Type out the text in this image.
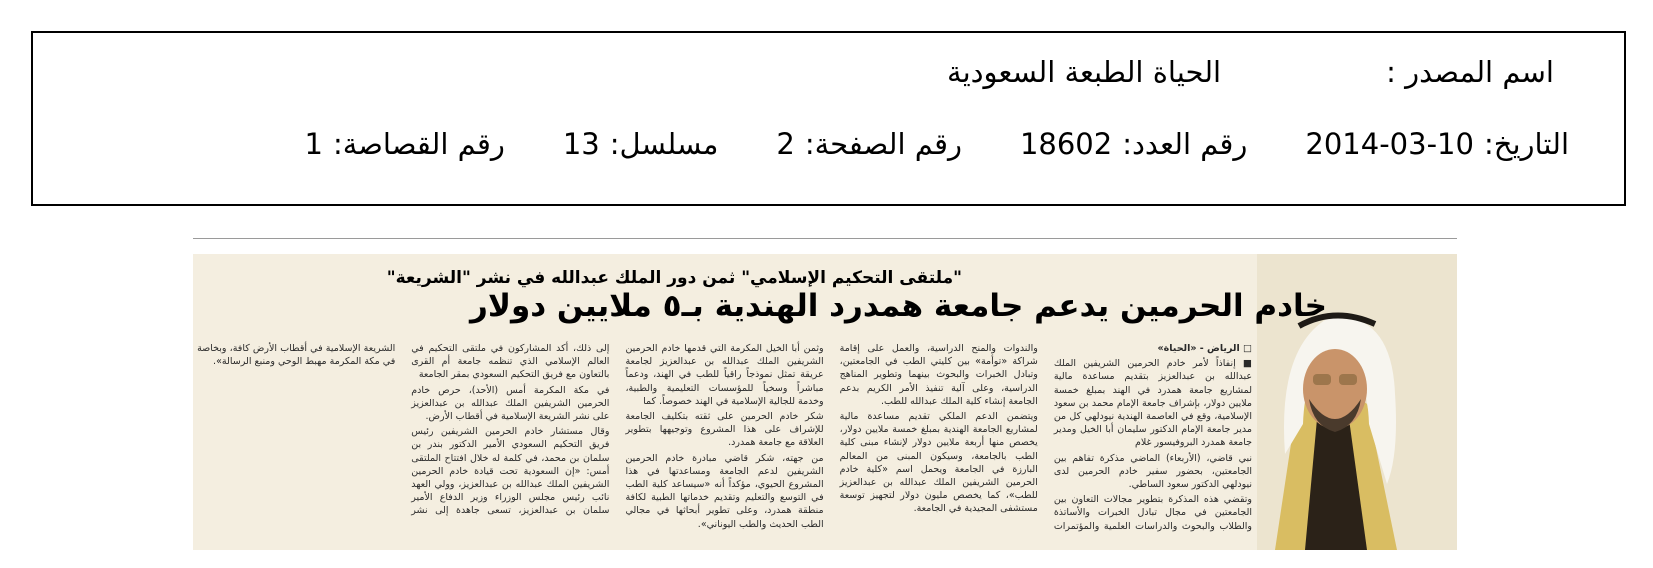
اسم المصدر :
الحياة الطبعة السعودية
التاريخ:
2014-03-10
رقم العدد:
18602
رقم الصفحة:
2
مسلسل:
13
رقم القصاصة:
1
"ملتقى التحكيم الإسلامي" ثمن دور الملك عبدالله في نشر "الشريعة"
خادم الحرمين يدعم جامعة همدرد الهندية بـ٥ ملايين دولار

□ الرياض - «الحياة»

■ إنفاذاً لأمر خادم الحرمين الشريفين الملك عبدالله بن عبدالعزيز بتقديم مساعدة مالية لمشاريع جامعة همدرد في الهند بمبلغ خمسة ملايين دولار، بإشراف جامعة الإمام محمد بن سعود الإسلامية، وقع في العاصمة الهندية نيودلهي كل من مدير جامعة الإمام الدكتور سليمان أبا الخيل ومدير جامعة همدرد البروفيسور غلام

نبي قاضي، (الأربعاء) الماضي مذكرة تفاهم بين الجامعتين، بحضور سفير خادم الحرمين لدى نيودلهي الدكتور سعود الساطي.

وتقضي هذه المذكرة بتطوير مجالات التعاون بين الجامعتين في مجال تبادل الخبرات والأساتذة والطلاب والبحوث والدراسات العلمية والمؤتمرات والندوات والمنح الدراسية، والعمل على إقامة شراكة «توأمة» بين كليتي الطب في الجامعتين، وتبادل الخبرات والبحوث بينهما وتطوير المناهج الدراسية، وعلى آلية تنفيذ الأمر الكريم بدعم الجامعة إنشاء كلية الملك عبدالله للطب.

ويتضمن الدعم الملكي تقديم مساعدة مالية لمشاريع الجامعة الهندية بمبلغ خمسة ملايين دولار، يخصص منها أربعة ملايين دولار لإنشاء مبنى كلية الطب بالجامعة، وسيكون المبنى من المعالم البارزة في الجامعة ويحمل اسم «كلية خادم الحرمين الشريفين الملك عبدالله بن عبدالعزيز للطب»، كما يخصص مليون دولار لتجهيز توسعة مستشفى المجيدية في الجامعة.

وثمن أبا الخيل المكرمة التي قدمها خادم الحرمين الشريفين الملك عبدالله بن عبدالعزيز لجامعة عريقة تمثل نموذجاً راقياً للطب في الهند، ودعماً مباشراً وسخياً للمؤسسات التعليمية والطبية، وخدمة للجالية الإسلامية في الهند خصوصاً. كما

شكر خادم الحرمين على ثقته بتكليف الجامعة للإشراف على هذا المشروع وتوجيهها بتطوير العلاقة مع جامعة همدرد.

من جهته، شكر قاضي مبادرة خادم الحرمين الشريفين لدعم الجامعة ومساعدتها في هذا المشروع الحيوي، مؤكداً أنه «سيساعد كلية الطب في التوسع والتعليم وتقديم خدماتها الطبية لكافة منطقة همدرد، وعلى تطوير أبحاثها في مجالي الطب الحديث والطب اليوناني».

إلى ذلك، أكد المشاركون في ملتقى التحكيم في العالم الإسلامي الذي تنظمه جامعة أم القرى بالتعاون مع فريق التحكيم السعودي بمقر الجامعة

في مكة المكرمة أمس (الأحد)، حرص خادم الحرمين الشريفين الملك عبدالله بن عبدالعزيز على نشر الشريعة الإسلامية في أقطاب الأرض.

وقال مستشار خادم الحرمين الشريفين رئيس فريق التحكيم السعودي الأمير الدكتور بندر بن سلمان بن محمد، في كلمة له خلال افتتاح الملتقى أمس: «إن السعودية تحت قيادة خادم الحرمين الشريفين الملك عبدالله بن عبدالعزيز، وولي العهد نائب رئيس مجلس الوزراء وزير الدفاع الأمير سلمان بن عبدالعزيز، تسعى جاهدة إلى نشر الشريعة الإسلامية في أقطاب الأرض كافة، وبخاصة في مكة المكرمة مهبط الوحي ومنبع الرسالة».
